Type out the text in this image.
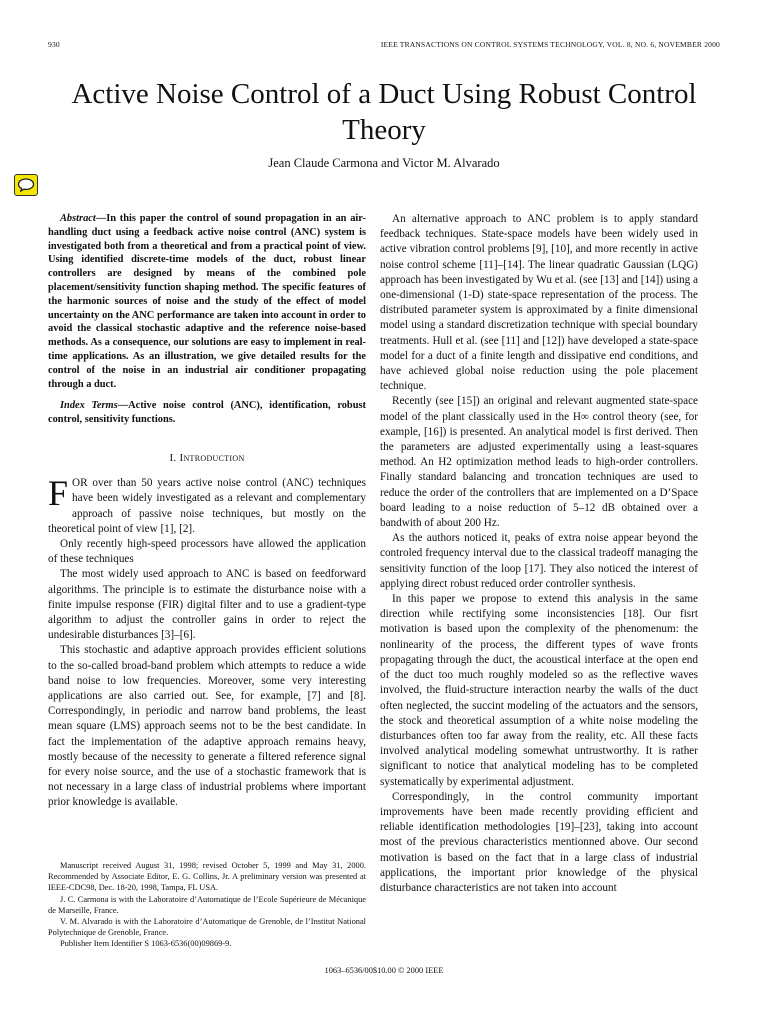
930	IEEE TRANSACTIONS ON CONTROL SYSTEMS TECHNOLOGY, VOL. 8, NO. 6, NOVEMBER 2000
Active Noise Control of a Duct Using Robust Control Theory
Jean Claude Carmona and Victor M. Alvarado

Abstract—In this paper the control of sound propagation in an air-handling duct using a feedback active noise control (ANC) system is investigated both from a theoretical and from a practical point of view. Using identified discrete-time models of the duct, robust linear controllers are designed by means of the combined pole placement/sensitivity function shaping method. The specific features of the harmonic sources of noise and the study of the effect of model uncertainty on the ANC performance are taken into account in order to avoid the classical stochastic adaptive and the reference noise-based methods. As a consequence, our solutions are easy to implement in real-time applications. As an illustration, we give detailed results for the control of the noise in an industrial air conditioner propagating through a duct.

Index Terms—Active noise control (ANC), identification, robust control, sensitivity functions.

I. Introduction

FOR over than 50 years active noise control (ANC) techniques have been widely investigated as a relevant and complementary approach of passive noise techniques, but mostly on the theoretical point of view [1], [2].

Only recently high-speed processors have allowed the application of these techniques

The most widely used approach to ANC is based on feedforward algorithms. The principle is to estimate the disturbance noise with a finite impulse response (FIR) digital filter and to use a gradient-type algorithm to adjust the controller gains in order to reject the undesirable disturbances [3]–[6].

This stochastic and adaptive approach provides efficient solutions to the so-called broad-band problem which attempts to reduce a wide band noise to low frequencies. Moreover, some very interesting applications are also carried out. See, for example, [7] and [8]. Correspondingly, in periodic and narrow band problems, the least mean square (LMS) approach seems not to be the best candidate. In fact the implementation of the adaptive approach remains heavy, mostly because of the necessity to generate a filtered reference signal for every noise source, and the use of a stochastic framework that is not necessary in a large class of industrial problems where important prior knowledge is available.

Manuscript received August 31, 1998; revised October 5, 1999 and May 31, 2000. Recommended by Associate Editor, E. G. Collins, Jr. A preliminary version was presented at IEEE-CDC98, Dec. 18-20, 1998, Tampa, FL USA.

J. C. Carmona is with the Laboratoire d’Automatique de l’Ecole Supérieure de Mécanique de Marseille, France.

V. M. Alvarado is with the Laboratoire d’Automatique de Grenoble, de l’Institut National Polytechnique de Grenoble, France.

Publisher Item Identifier S 1063-6536(00)09869-9.

An alternative approach to ANC problem is to apply standard feedback techniques. State-space models have been widely used in active vibration control problems [9], [10], and more recently in active noise control scheme [11]–[14]. The linear quadratic Gaussian (LQG) approach has been investigated by Wu et al. (see [13] and [14]) using a one-dimensional (1-D) state-space representation of the process. The distributed parameter system is approximated by a finite dimensional model using a standard discretization technique with special boundary treatments. Hull et al. (see [11] and [12]) have developed a state-space model for a duct of a finite length and dissipative end conditions, and have achieved global noise reduction using the pole placement technique.

Recently (see [15]) an original and relevant augmented state-space model of the plant classically used in the H∞ control theory (see, for example, [16]) is presented. An analytical model is first derived. Then the parameters are adjusted experimentally using a least-squares method. An H2 optimization method leads to high-order controllers. Finally standard balancing and troncation techniques are used to reduce the order of the controllers that are implemented on a D’Space board leading to a noise reduction of 5–12 dB obtained over a bandwith of about 200 Hz.

As the authors noticed it, peaks of extra noise appear beyond the controled frequency interval due to the classical tradeoff managing the sensitivity function of the loop [17]. They also noticed the interest of applying direct robust reduced order controller synthesis.

In this paper we propose to extend this analysis in the same direction while rectifying some inconsistencies [18]. Our fisrt motivation is based upon the complexity of the phenomenum: the nonlinearity of the process, the different types of wave fronts propagating through the duct, the acoustical interface at the open end of the duct too much roughly modeled so as the reflective waves involved, the fluid-structure interaction nearby the walls of the duct often neglected, the succint modeling of the actuators and the sensors, the stock and theoretical assumption of a white noise modeling the disturbances often too far away from the reality, etc. All these facts involved analytical modeling somewhat untrustworthy. It is rather significant to notice that analytical modeling has to be completed systematically by experimental adjustment.

Correspondingly, in the control community important improvements have been made recently providing efficient and reliable identification methodologies [19]–[23], taking into account most of the previous characteristics mentionned above. Our second motivation is based on the fact that in a large class of industrial applications, the important prior knowledge of the physical disturbance characteristics are not taken into account

1063–6536/00$10.00 © 2000 IEEE
